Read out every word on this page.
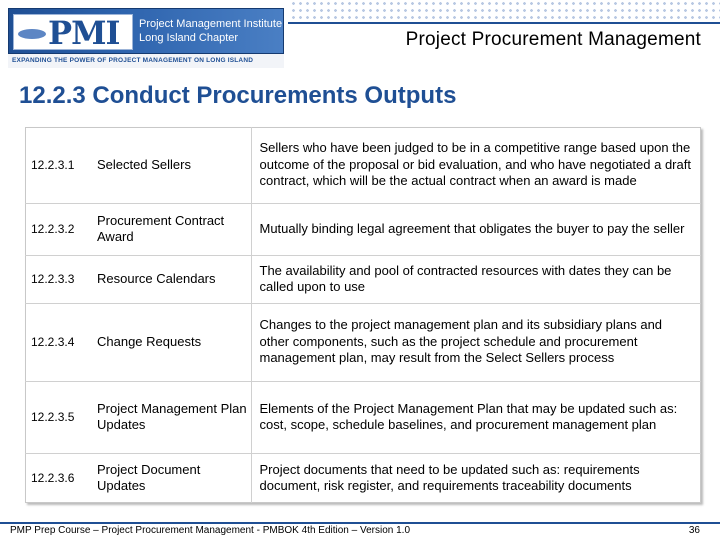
PMI Project Management Institute
Long Island Chapter
EXPANDING THE POWER OF PROJECT MANAGEMENT ON LONG ISLAND
Project Procurement Management
12.2.3 Conduct Procurements Outputs
12.2.3.1	Selected Sellers	Sellers who have been judged to be in a competitive range based upon the outcome of the proposal or bid evaluation, and who have negotiated a draft contract, which will be the actual contract when an award is made
12.2.3.2	Procurement Contract Award	Mutually binding legal agreement that obligates the buyer to pay the seller
12.2.3.3	Resource Calendars	The availability and pool of contracted resources with dates they can be called upon to use
12.2.3.4	Change Requests	Changes to the project management plan and its subsidiary plans and other components, such as the project schedule and procurement management plan, may result from the Select Sellers process
12.2.3.5	Project Management Plan Updates	Elements of the Project Management Plan that may be updated such as: cost, scope, schedule baselines, and procurement management plan
12.2.3.6	Project Document Updates	Project documents that need to be updated such as: requirements document, risk register, and requirements traceability documents
PMP Prep Course – Project Procurement Management - PMBOK 4th Edition – Version 1.0	36
